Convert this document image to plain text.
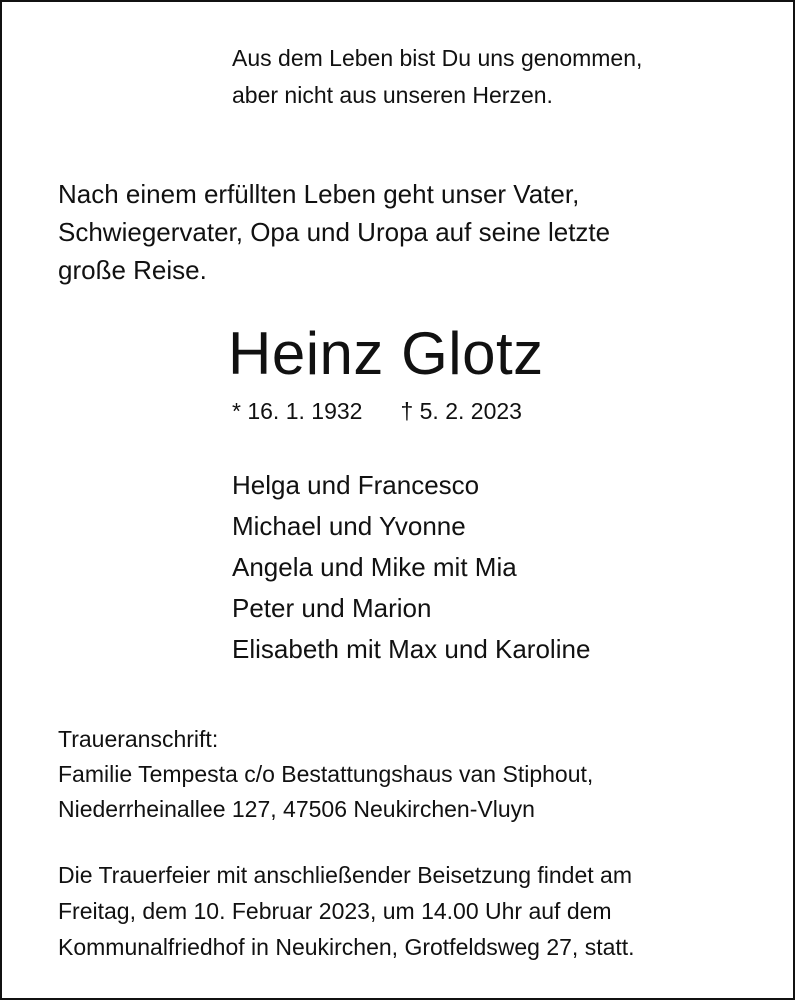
Aus dem Leben bist Du uns genommen,
aber nicht aus unseren Herzen.

Nach einem erfüllten Leben geht unser Vater,
Schwiegervater, Opa und Uropa auf seine letzte
große Reise.

Heinz Glotz

* 16. 1. 1932 † 5. 2. 2023

Helga und Francesco
Michael und Yvonne
Angela und Mike mit Mia
Peter und Marion
Elisabeth mit Max und Karoline

Traueranschrift:
Familie Tempesta c/o Bestattungshaus van Stiphout,
Niederrheinallee 127, 47506 Neukirchen-Vluyn

Die Trauerfeier mit anschließender Beisetzung findet am
Freitag, dem 10. Februar 2023, um 14.00 Uhr auf dem
Kommunalfriedhof in Neukirchen, Grotfeldsweg 27, statt.
